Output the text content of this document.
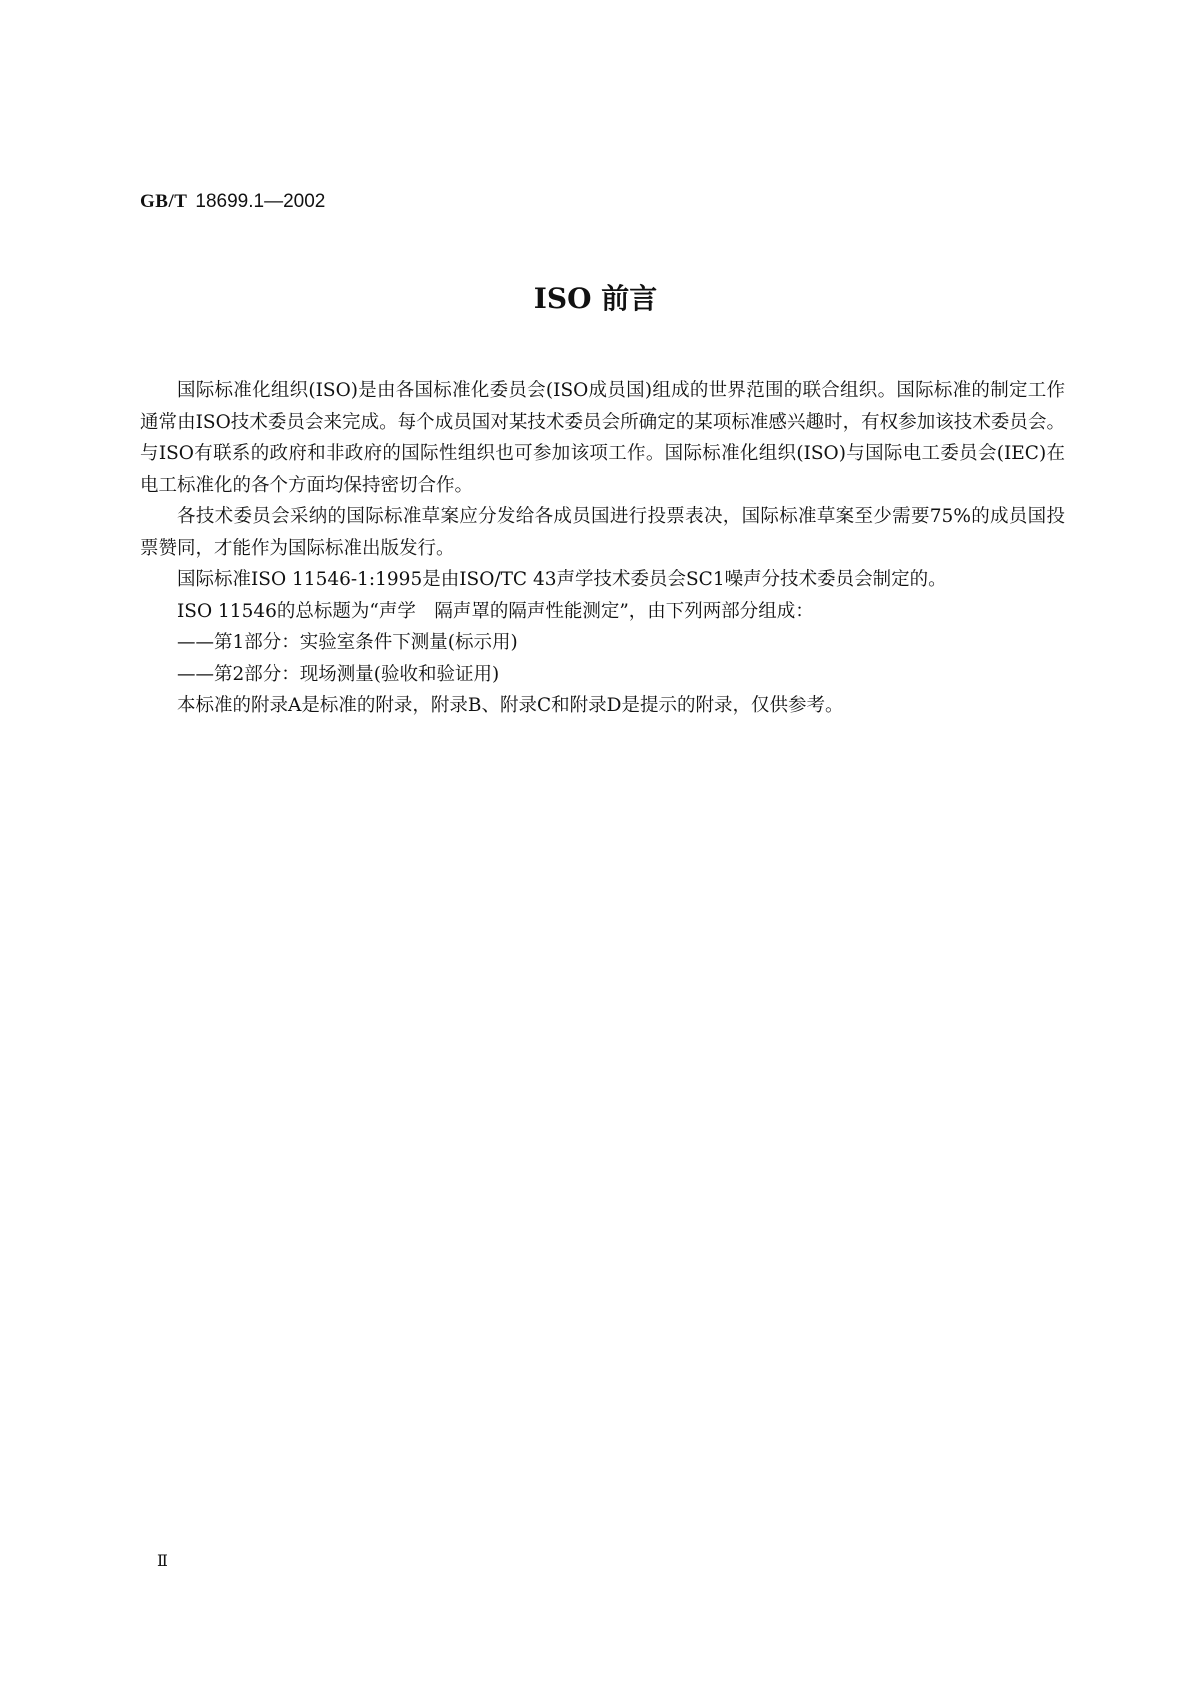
GB/T 18699.1—2002
ISO 前言

国际标准化组织(ISO)是由各国标准化委员会(ISO成员国)组成的世界范围的联合组织。国际标准的制定工作通常由ISO技术委员会来完成。每个成员国对某技术委员会所确定的某项标准感兴趣时，有权参加该技术委员会。与ISO有联系的政府和非政府的国际性组织也可参加该项工作。国际标准化组织(ISO)与国际电工委员会(IEC)在电工标准化的各个方面均保持密切合作。

各技术委员会采纳的国际标准草案应分发给各成员国进行投票表决，国际标准草案至少需要75%的成员国投票赞同，才能作为国际标准出版发行。

国际标准ISO 11546-1:1995是由ISO/TC 43声学技术委员会SC1噪声分技术委员会制定的。

ISO 11546的总标题为“声学　隔声罩的隔声性能测定”，由下列两部分组成：

——第1部分：实验室条件下测量(标示用)

——第2部分：现场测量(验收和验证用)

本标准的附录A是标准的附录，附录B、附录C和附录D是提示的附录，仅供参考。

Ⅱ
